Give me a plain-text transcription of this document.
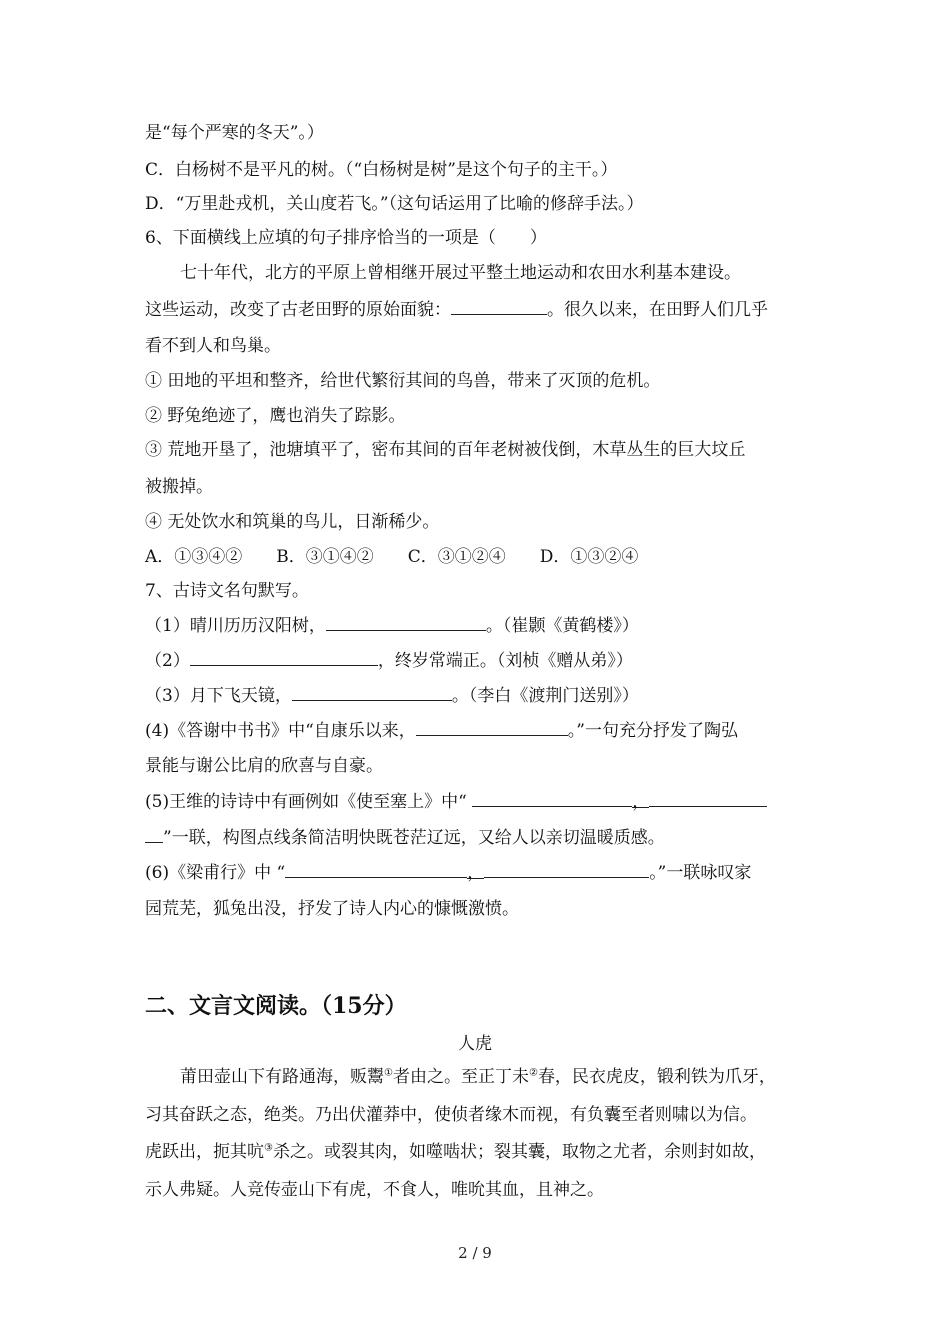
是“每个严寒的冬天”。）
C．白杨树不是平凡的树。（“白杨树是树”是这个句子的主干。）
D．“万里赴戎机，关山度若飞。”（这句话运用了比喻的修辞手法。）
6、下面横线上应填的句子排序恰当的一项是（　　）
七十年代，北方的平原上曾相继开展过平整土地运动和农田水利基本建设。
这些运动，改变了古老田野的原始面貌：	。很久以来，在田野人们几乎
看不到人和鸟巢。
① 田地的平坦和整齐，给世代繁衍其间的鸟兽，带来了灭顶的危机。
② 野兔绝迹了，鹰也消失了踪影。
③ 荒地开垦了，池塘填平了，密布其间的百年老树被伐倒，木草丛生的巨大坟丘
被搬掉。
④ 无处饮水和筑巢的鸟儿，日渐稀少。
A．①③④②　　B．③①④②　　C．③①②④　　D．①③②④
7、古诗文名句默写。
（1）晴川历历汉阳树，	。（崔颢《黄鹤楼》）
（2）	，终岁常端正。（刘桢《赠从弟》）
（3）月下飞天镜，	。（李白《渡荆门送别》）
(4)《答谢中书书》中“自康乐以来，	。”一句充分抒发了陶弘
景能与谢公比肩的欣喜与自豪。
(5)王维的诗诗中有画例如《使至塞上》中“	，
”一联，构图点线条简洁明快既苍茫辽远，又给人以亲切温暖质感。
(6)《梁甫行》中 “	，	。”一联咏叹家
园荒芜，狐兔出没，抒发了诗人内心的慷慨激愤。
二、文言文阅读。（15分）
人虎
莆田壶山下有路通海，贩鬻①者由之。至正丁未②春，民衣虎皮，锻利铁为爪牙，
习其奋跃之态，绝类。乃出伏灌莽中，使侦者缘木而视，有负囊至者则啸以为信。
虎跃出，扼其吭③杀之。或裂其肉，如噬啮状；裂其囊，取物之尤者，余则封如故，
示人弗疑。人竞传壶山下有虎，不食人，唯吮其血，且神之。
2 / 9
